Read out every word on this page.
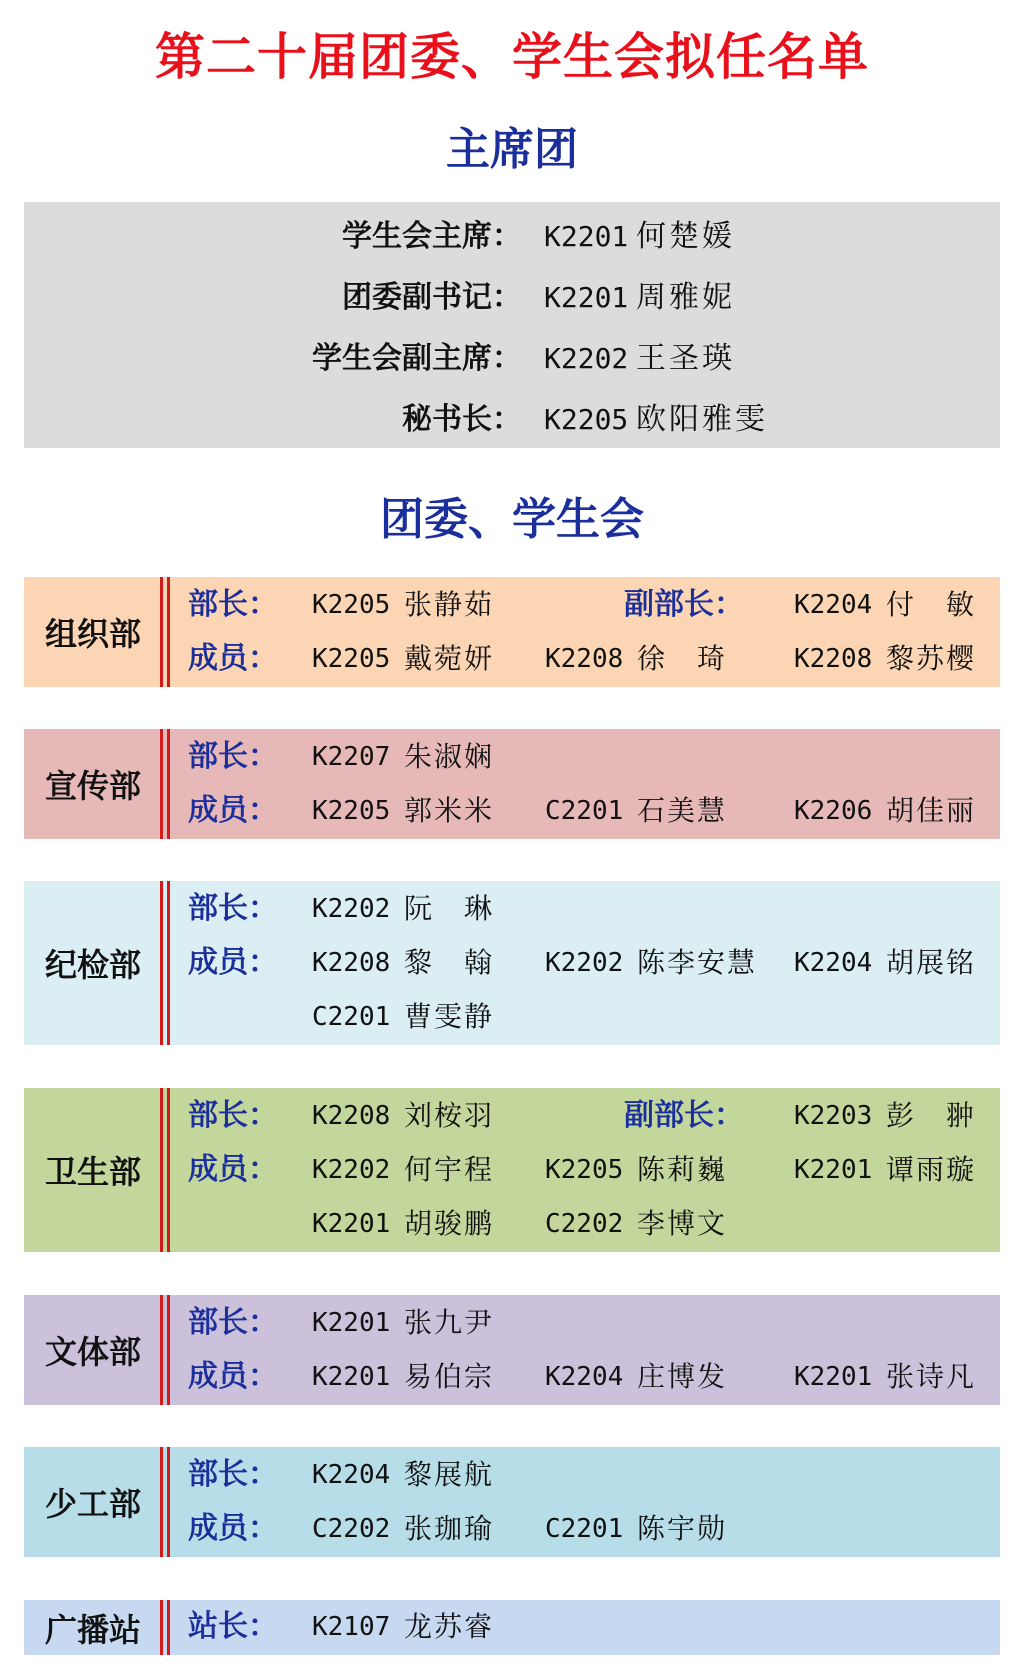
第二十届团委、学生会拟任名单
主席团
学生会主席： K2201 何楚媛
团委副书记： K2201 周雅妮
学生会副主席： K2202 王圣瑛
秘书长： K2205 欧阳雅雯
团委、学生会
组织部
部长： K2205 张静茹	副部长： K2204 付　敏
成员： K2205 戴菀妍 K2208 徐　琦	K2208 黎苏樱
宣传部
部长： K2207 朱淑娴
成员： K2205 郭米米 C2201 石美慧	K2206 胡佳丽
纪检部
部长： K2202 阮　琳
成员： K2208 黎　翰 K2202 陈李安慧 K2204 胡展铭
C2201 曹雯静
卫生部
部长： K2208 刘桉羽	副部长： K2203 彭　翀
成员： K2202 何宇程 K2205 陈莉巍	K2201 谭雨璇
K2201 胡骏鹏 C2202 李博文
文体部
部长： K2201 张九尹
成员： K2201 易伯宗 K2204 庄博发	K2201 张诗凡
少工部
部长： K2204 黎展航
成员： C2202 张珈瑜 C2201 陈宇勋
广播站	站长： K2107 龙苏睿
